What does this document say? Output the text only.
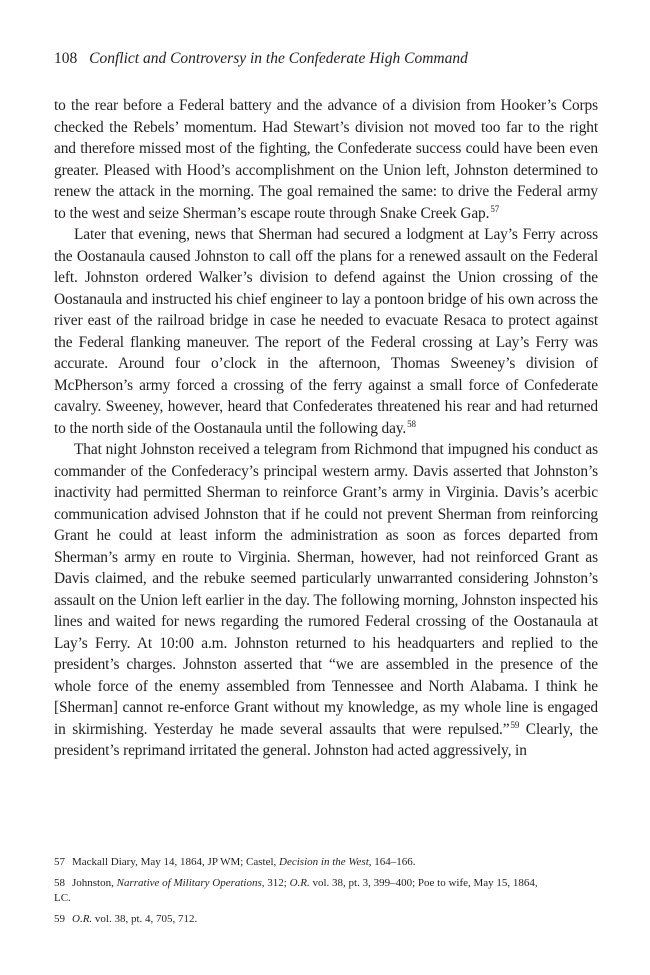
108 Conflict and Controversy in the Confederate High Command

to the rear before a Federal battery and the advance of a division from Hooker’s Corps checked the Rebels’ momentum. Had Stewart’s division not moved too far to the right and therefore missed most of the fighting, the Confederate success could have been even greater. Pleased with Hood’s accomplishment on the Union left, Johnston determined to renew the attack in the morning. The goal remained the same: to drive the Federal army to the west and seize Sherman’s escape route through Snake Creek Gap.$^{57}$

Later that evening, news that Sherman had secured a lodgment at Lay’s Ferry across the Oostanaula caused Johnston to call off the plans for a renewed assault on the Federal left. Johnston ordered Walker’s division to defend against the Union crossing of the Oostanaula and instructed his chief engineer to lay a pontoon bridge of his own across the river east of the railroad bridge in case he needed to evacuate Resaca to protect against the Federal flanking maneuver. The report of the Federal crossing at Lay’s Ferry was accurate. Around four o’clock in the afternoon, Thomas Sweeney’s division of McPherson’s army forced a crossing of the ferry against a small force of Confederate cavalry. Sweeney, however, heard that Confederates threatened his rear and had returned to the north side of the Oostanaula until the following day.$^{58}$

That night Johnston received a telegram from Richmond that impugned his conduct as commander of the Confederacy’s principal western army. Davis asserted that Johnston’s inactivity had permitted Sherman to reinforce Grant’s army in Virginia. Davis’s acerbic communication advised Johnston that if he could not prevent Sherman from reinforcing Grant he could at least inform the administration as soon as forces departed from Sherman’s army en route to Virginia. Sherman, however, had not reinforced Grant as Davis claimed, and the rebuke seemed particularly unwarranted considering Johnston’s assault on the Union left earlier in the day. The following morning, Johnston inspected his lines and waited for news regarding the rumored Federal crossing of the Oostanaula at Lay’s Ferry. At 10:00 a.m. Johnston returned to his headquarters and replied to the president’s charges. Johnston asserted that “we are assembled in the presence of the whole force of the enemy assembled from Tennessee and North Alabama. I think he [Sherman] cannot re-enforce Grant without my knowledge, as my whole line is engaged in skirmishing. Yesterday he made several assaults that were repulsed.”$^{59}$ Clearly, the president’s reprimand irritated the general. Johnston had acted aggressively, in

57 Mackall Diary, May 14, 1864, JP WM; Castel, Decision in the West, 164–166.
58 Johnston, Narrative of Military Operations, 312; O.R. vol. 38, pt. 3, 399–400; Poe to wife, May 15, 1864, LC.
59 O.R. vol. 38, pt. 4, 705, 712.
